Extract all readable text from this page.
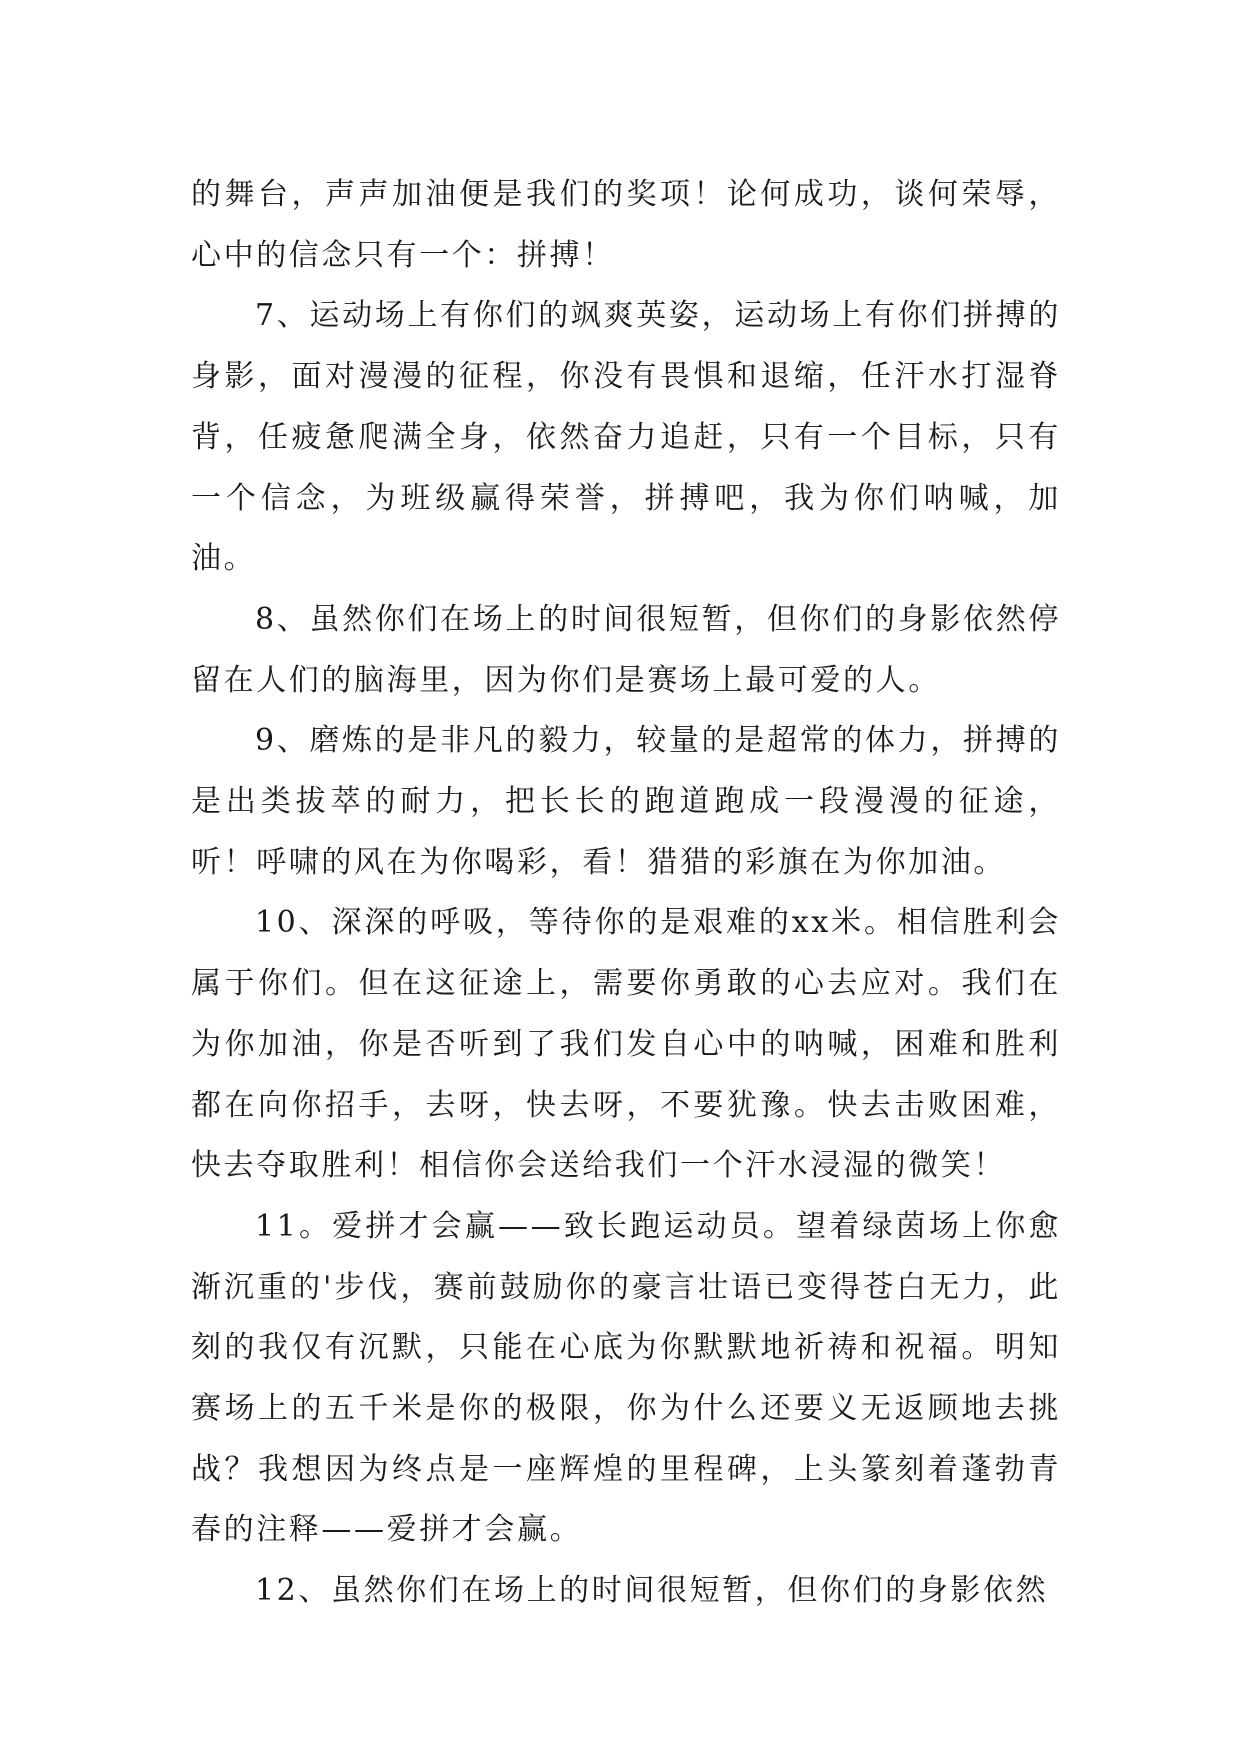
的舞台，声声加油便是我们的奖项！论何成功，谈何荣辱，心中的信念只有一个：拼搏！

7、运动场上有你们的飒爽英姿，运动场上有你们拼搏的身影，面对漫漫的征程，你没有畏惧和退缩，任汗水打湿脊背，任疲惫爬满全身，依然奋力追赶，只有一个目标，只有一个信念，为班级赢得荣誉，拼搏吧，我为你们呐喊，加油。

8、虽然你们在场上的时间很短暂，但你们的身影依然停留在人们的脑海里，因为你们是赛场上最可爱的人。

9、磨炼的是非凡的毅力，较量的是超常的体力，拼搏的是出类拔萃的耐力，把长长的跑道跑成一段漫漫的征途，听！呼啸的风在为你喝彩，看！猎猎的彩旗在为你加油。

10、深深的呼吸，等待你的是艰难的xx米。相信胜利会属于你们。但在这征途上，需要你勇敢的心去应对。我们在为你加油，你是否听到了我们发自心中的呐喊，困难和胜利都在向你招手，去呀，快去呀，不要犹豫。快去击败困难，快去夺取胜利！相信你会送给我们一个汗水浸湿的微笑！

11。爱拼才会赢——致长跑运动员。望着绿茵场上你愈渐沉重的'步伐，赛前鼓励你的豪言壮语已变得苍白无力，此刻的我仅有沉默，只能在心底为你默默地祈祷和祝福。明知赛场上的五千米是你的极限，你为什么还要义无返顾地去挑战？我想因为终点是一座辉煌的里程碑，上头篆刻着蓬勃青春的注释——爱拼才会赢。

12、虽然你们在场上的时间很短暂，但你们的身影依然
